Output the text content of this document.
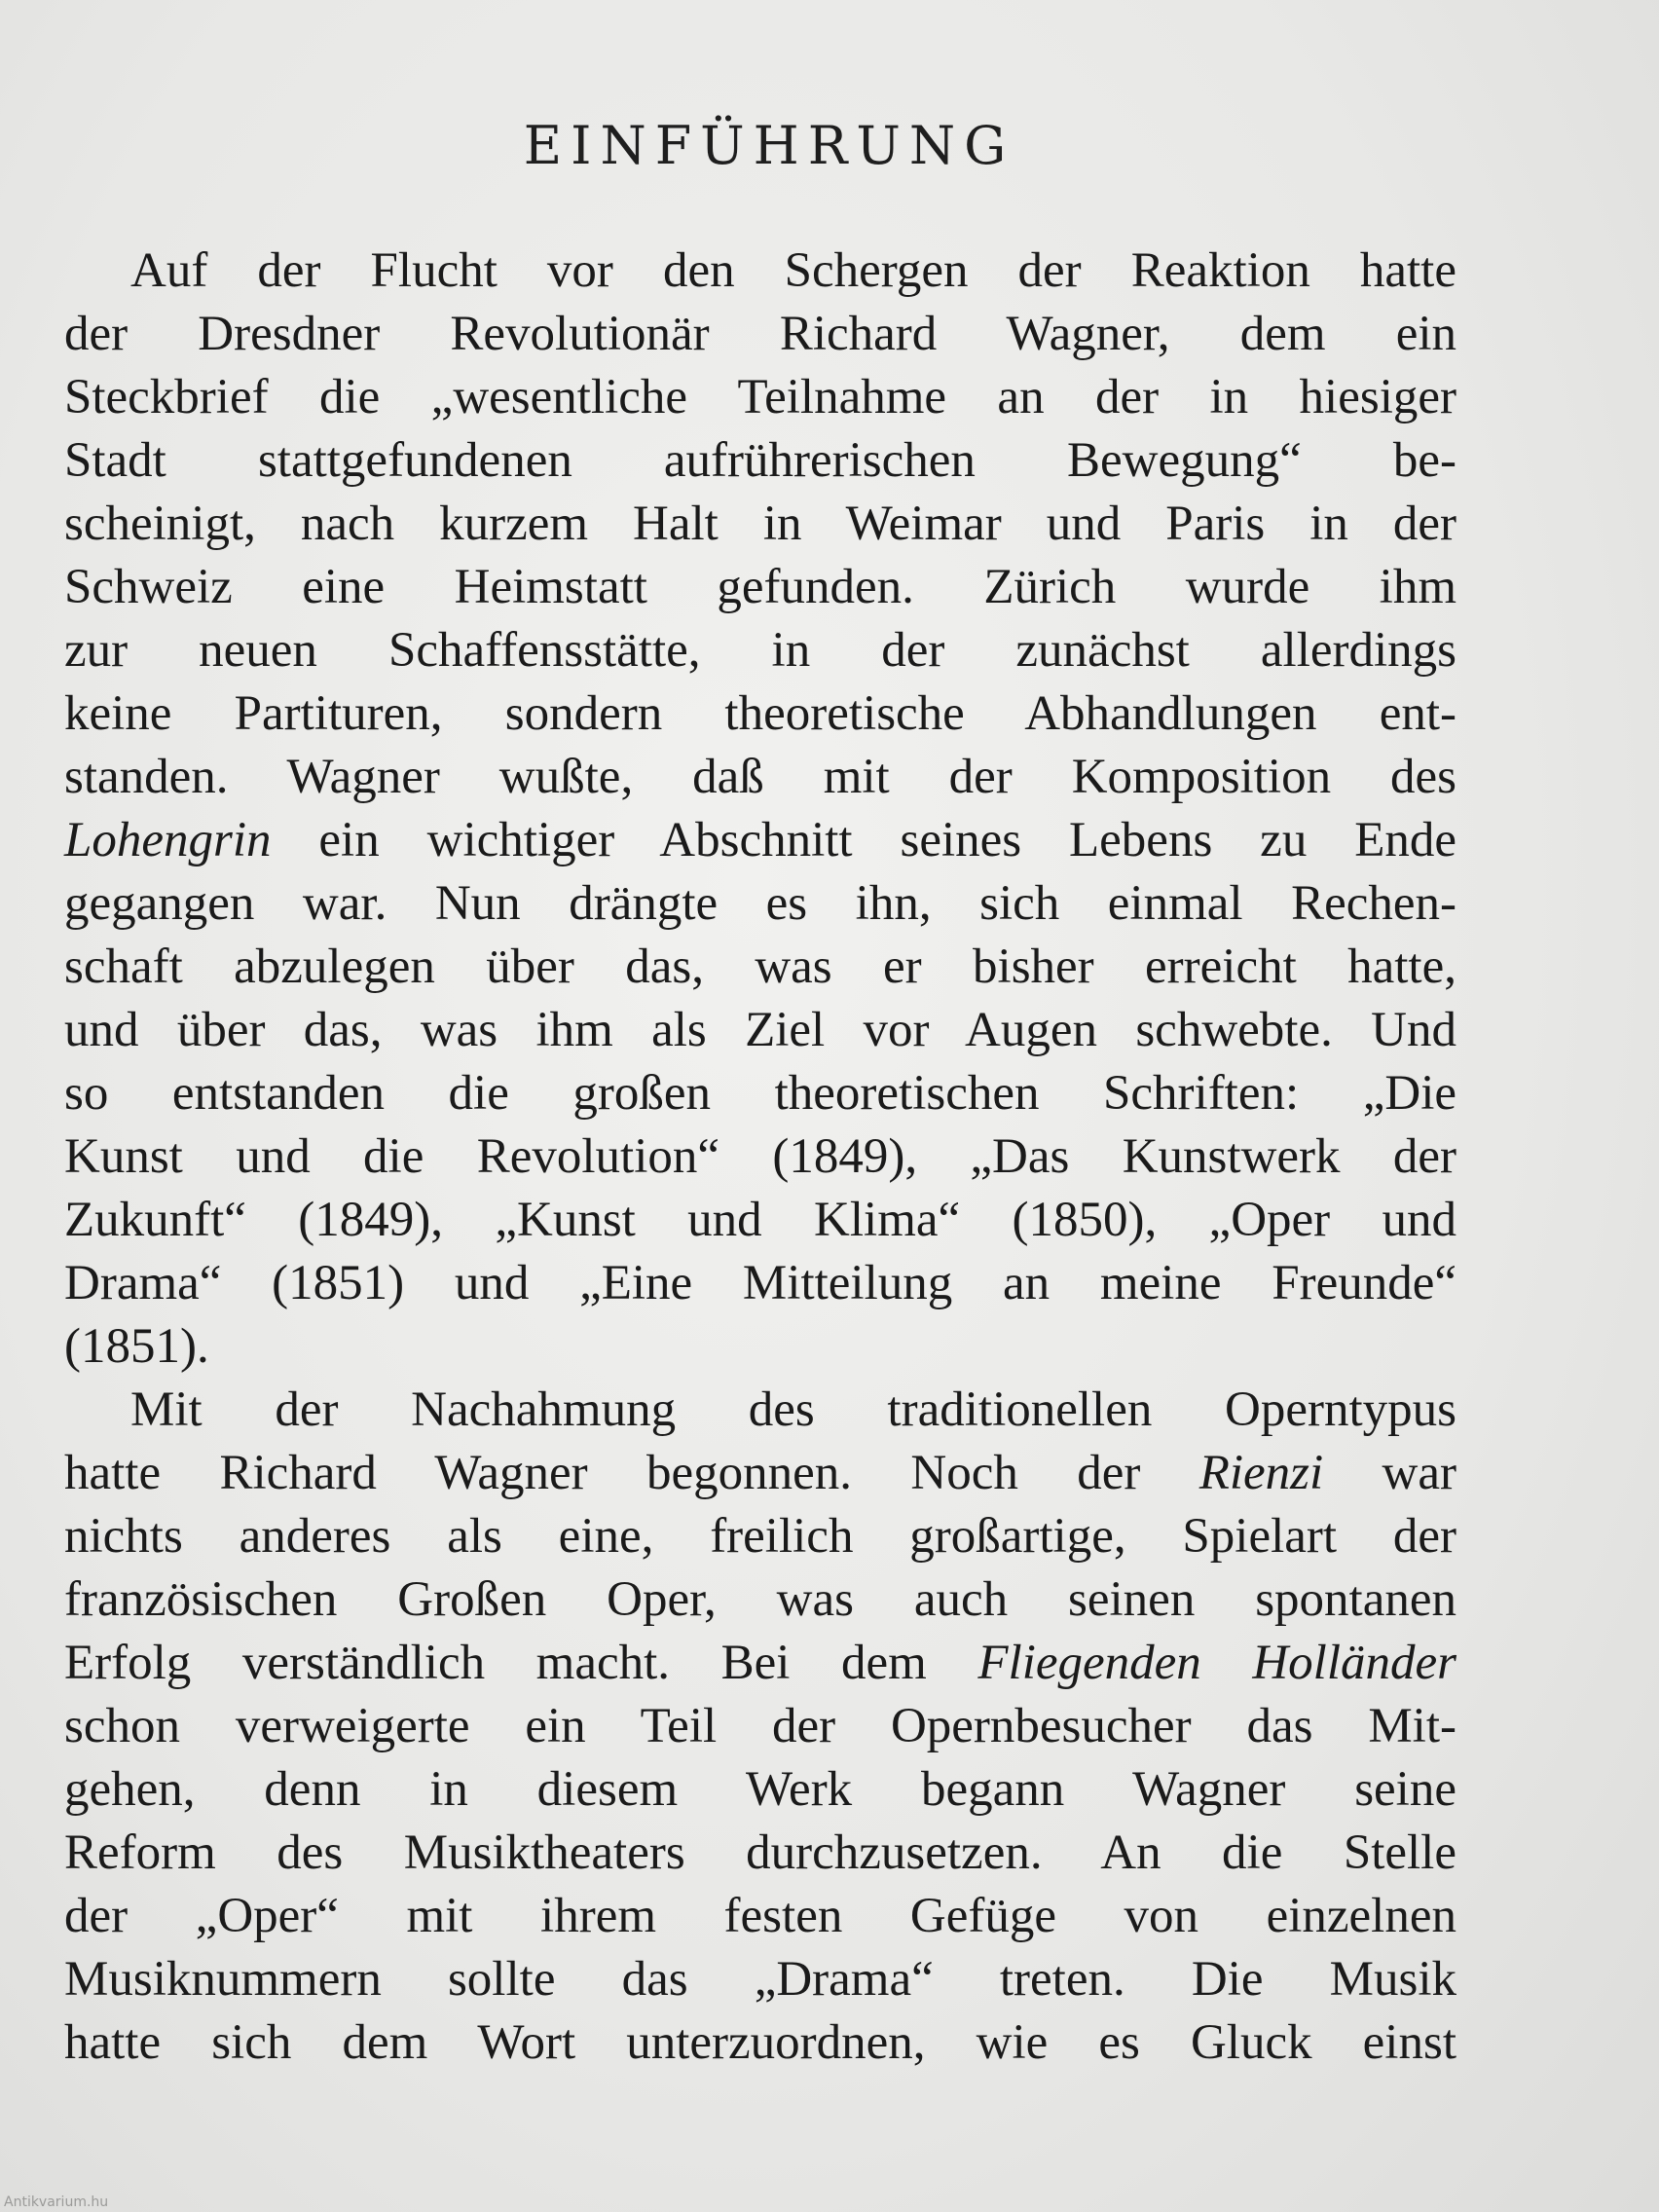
EINFÜHRUNG
Auf der Flucht vor den Schergen der Reaktion hatte
der Dresdner Revolutionär Richard Wagner, dem ein
Steckbrief die „wesentliche Teilnahme an der in hiesiger
Stadt stattgefundenen aufrührerischen Bewegung“ be-
scheinigt, nach kurzem Halt in Weimar und Paris in der
Schweiz eine Heimstatt gefunden. Zürich wurde ihm
zur neuen Schaffensstätte, in der zunächst allerdings
keine Partituren, sondern theoretische Abhandlungen ent-
standen. Wagner wußte, daß mit der Komposition des
Lohengrin ein wichtiger Abschnitt seines Lebens zu Ende
gegangen war. Nun drängte es ihn, sich einmal Rechen-
schaft abzulegen über das, was er bisher erreicht hatte,
und über das, was ihm als Ziel vor Augen schwebte. Und
so entstanden die großen theoretischen Schriften: „Die
Kunst und die Revolution“ (1849), „Das Kunstwerk der
Zukunft“ (1849), „Kunst und Klima“ (1850), „Oper und
Drama“ (1851) und „Eine Mitteilung an meine Freunde“
(1851).
Mit der Nachahmung des traditionellen Operntypus
hatte Richard Wagner begonnen. Noch der Rienzi war
nichts anderes als eine, freilich großartige, Spielart der
französischen Großen Oper, was auch seinen spontanen
Erfolg verständlich macht. Bei dem Fliegenden Holländer
schon verweigerte ein Teil der Opernbesucher das Mit-
gehen, denn in diesem Werk begann Wagner seine
Reform des Musiktheaters durchzusetzen. An die Stelle
der „Oper“ mit ihrem festen Gefüge von einzelnen
Musiknummern sollte das „Drama“ treten. Die Musik
hatte sich dem Wort unterzuordnen, wie es Gluck einst
Antikvarium.hu
